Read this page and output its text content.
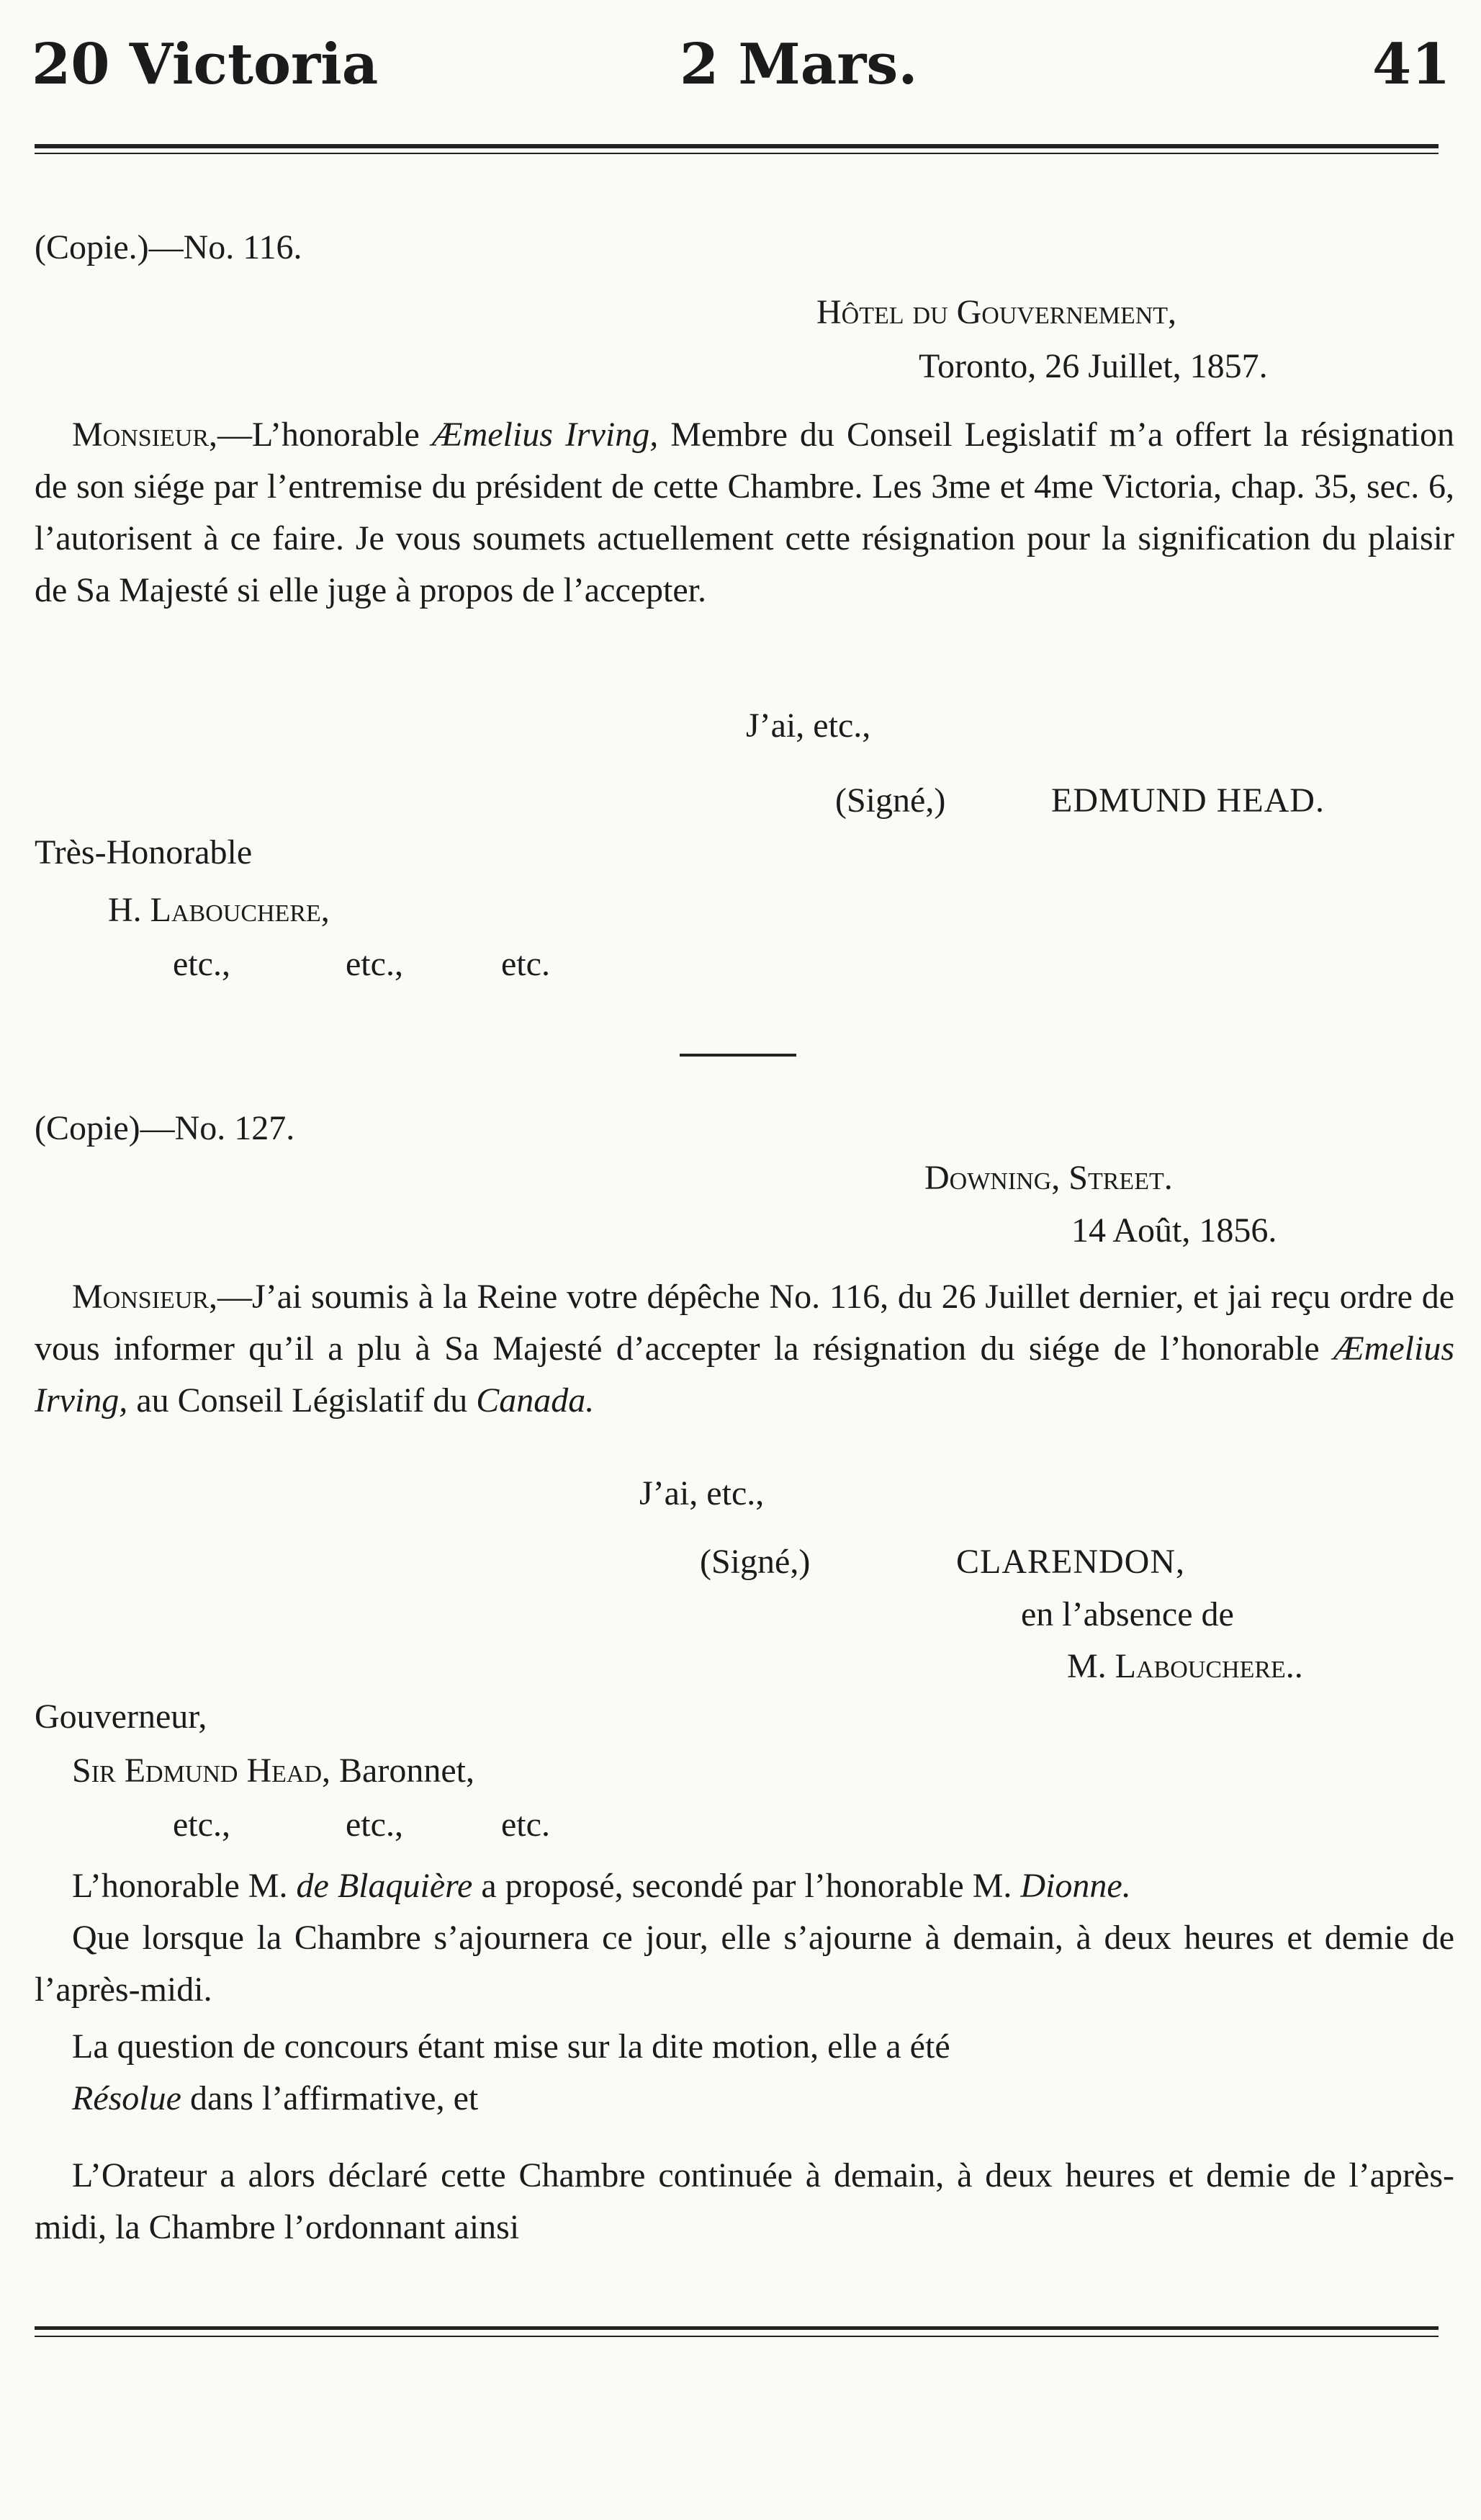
20 Victoria	2 Mars.	41
(Copie.)—No. 116.
Hôtel du Gouvernement,
Toronto, 26 Juillet, 1857.
Monsieur,—L’honorable Æmelius Irving, Membre du Conseil Legislatif m’a offert la résignation de son siége par l’entremise du président de cette Chambre. Les 3me et 4me Victoria, chap. 35, sec. 6, l’autorisent à ce faire. Je vous soumets actuellement cette résignation pour la signification du plaisir de Sa Majesté si elle juge à propos de l’accepter.
J’ai, etc.,
(Signé,)	EDMUND HEAD.
Très-Honorable
H. Labouchere,
etc.,	etc.,	etc.
(Copie)—No. 127.
Downing, Street.
14 Août, 1856.
Monsieur,—J’ai soumis à la Reine votre dépêche No. 116, du 26 Juillet dernier, et jai reçu ordre de vous informer qu’il a plu à Sa Majesté d’accepter la résignation du siége de l’honorable Æmelius Irving, au Conseil Législatif du Canada.
J’ai, etc.,
(Signé,)	CLARENDON,
en l’absence de
M. Labouchere..
Gouverneur,
Sir Edmund Head, Baronnet,
etc.,	etc.,	etc.
L’honorable M. de Blaquière a proposé, secondé par l’honorable M. Dionne.
Que lorsque la Chambre s’ajournera ce jour, elle s’ajourne à demain, à deux heures et demie de l’après-midi.
La question de concours étant mise sur la dite motion, elle a été
Résolue dans l’affirmative, et
L’Orateur a alors déclaré cette Chambre continuée à demain, à deux heures et demie de l’après-midi, la Chambre l’ordonnant ainsi
